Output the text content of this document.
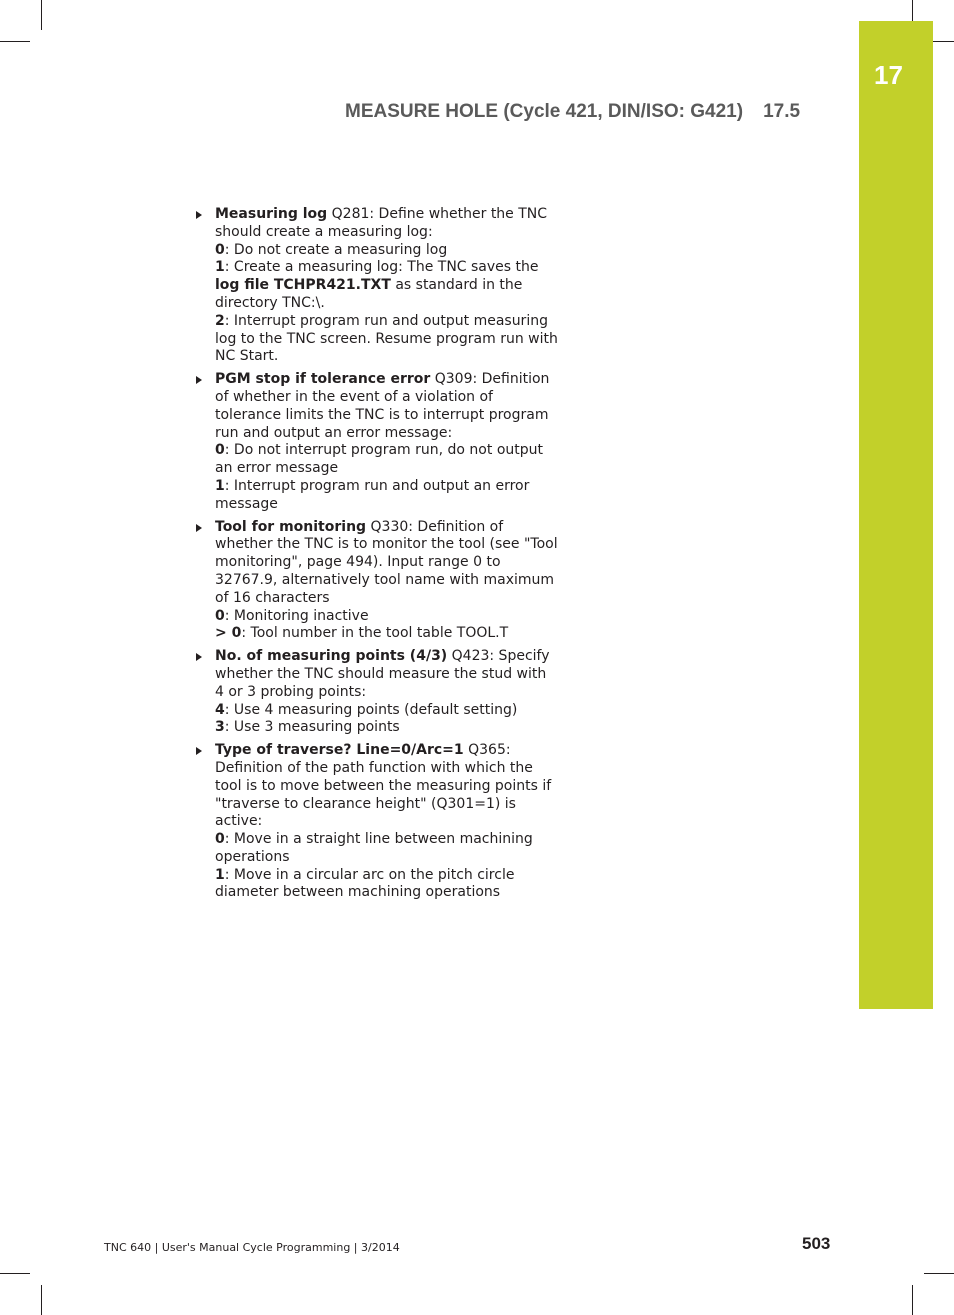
17
MEASURE HOLE (Cycle 421, DIN/ISO: G421) 17.5
Measuring log Q281: Define whether the TNC should create a measuring log:
0: Do not create a measuring log
1: Create a measuring log: The TNC saves the log file TCHPR421.TXT as standard in the directory TNC:\.
2: Interrupt program run and output measuring log to the TNC screen. Resume program run with NC Start.
PGM stop if tolerance error Q309: Definition of whether in the event of a violation of tolerance limits the TNC is to interrupt program run and output an error message:
0: Do not interrupt program run, do not output an error message
1: Interrupt program run and output an error message
Tool for monitoring Q330: Definition of whether the TNC is to monitor the tool (see "Tool monitoring", page 494). Input range 0 to 32767.9, alternatively tool name with maximum of 16 characters
0: Monitoring inactive
> 0: Tool number in the tool table TOOL.T
No. of measuring points (4/3) Q423: Specify whether the TNC should measure the stud with 4 or 3 probing points:
4: Use 4 measuring points (default setting)
3: Use 3 measuring points
Type of traverse? Line=0/Arc=1 Q365: Definition of the path function with which the tool is to move between the measuring points if "traverse to clearance height" (Q301=1) is active:
0: Move in a straight line between machining operations
1: Move in a circular arc on the pitch circle diameter between machining operations
TNC 640 | User's Manual Cycle Programming | 3/2014	503
